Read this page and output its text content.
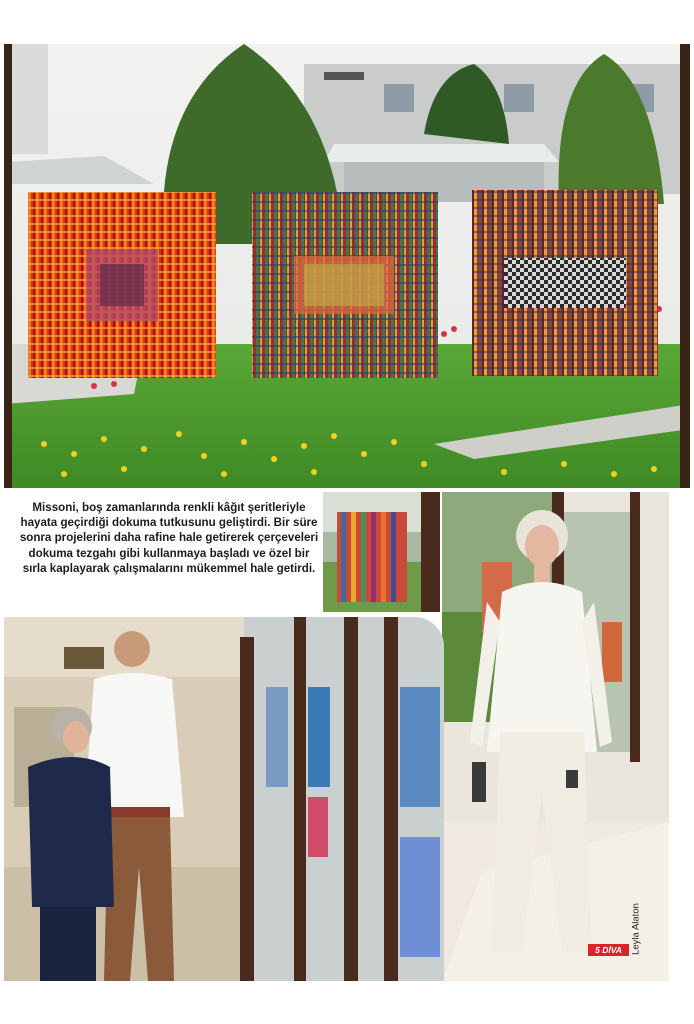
Missoni, boş zamanlarında renkli kâğıt şeritleriyle hayata geçirdiği dokuma tutkusunu geliştirdi. Bir süre sonra projelerini daha rafine hale getirerek çerçeveleri dokuma tezgahı gibi kullanmaya başladı ve özel bir sırla kaplayarak çalışmalarını mükemmel hale getirdi.
Leyla Alaton
5 DİVA
